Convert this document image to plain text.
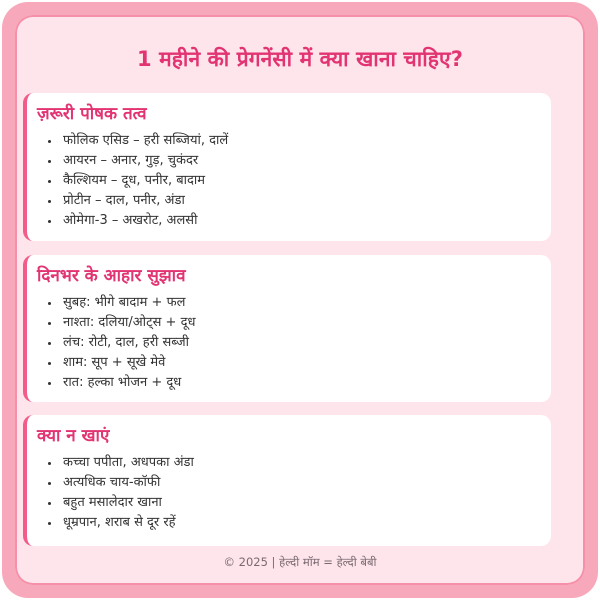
1 महीने की प्रेगनेंसी में क्या खाना चाहिए?
ज़रूरी पोषक तत्व
• फोलिक एसिड – हरी सब्जियां, दालें
• आयरन – अनार, गुड़, चुकंदर
• कैल्शियम – दूध, पनीर, बादाम
• प्रोटीन – दाल, पनीर, अंडा
• ओमेगा-3 – अखरोट, अलसी
दिनभर के आहार सुझाव
• सुबह: भीगे बादाम + फल
• नाश्ता: दलिया/ओट्स + दूध
• लंच: रोटी, दाल, हरी सब्जी
• शाम: सूप + सूखे मेवे
• रात: हल्का भोजन + दूध
क्या न खाएं
• कच्चा पपीता, अधपका अंडा
• अत्यधिक चाय-कॉफी
• बहुत मसालेदार खाना
• धूम्रपान, शराब से दूर रहें
© 2025 | हेल्दी मॉम = हेल्दी बेबी
